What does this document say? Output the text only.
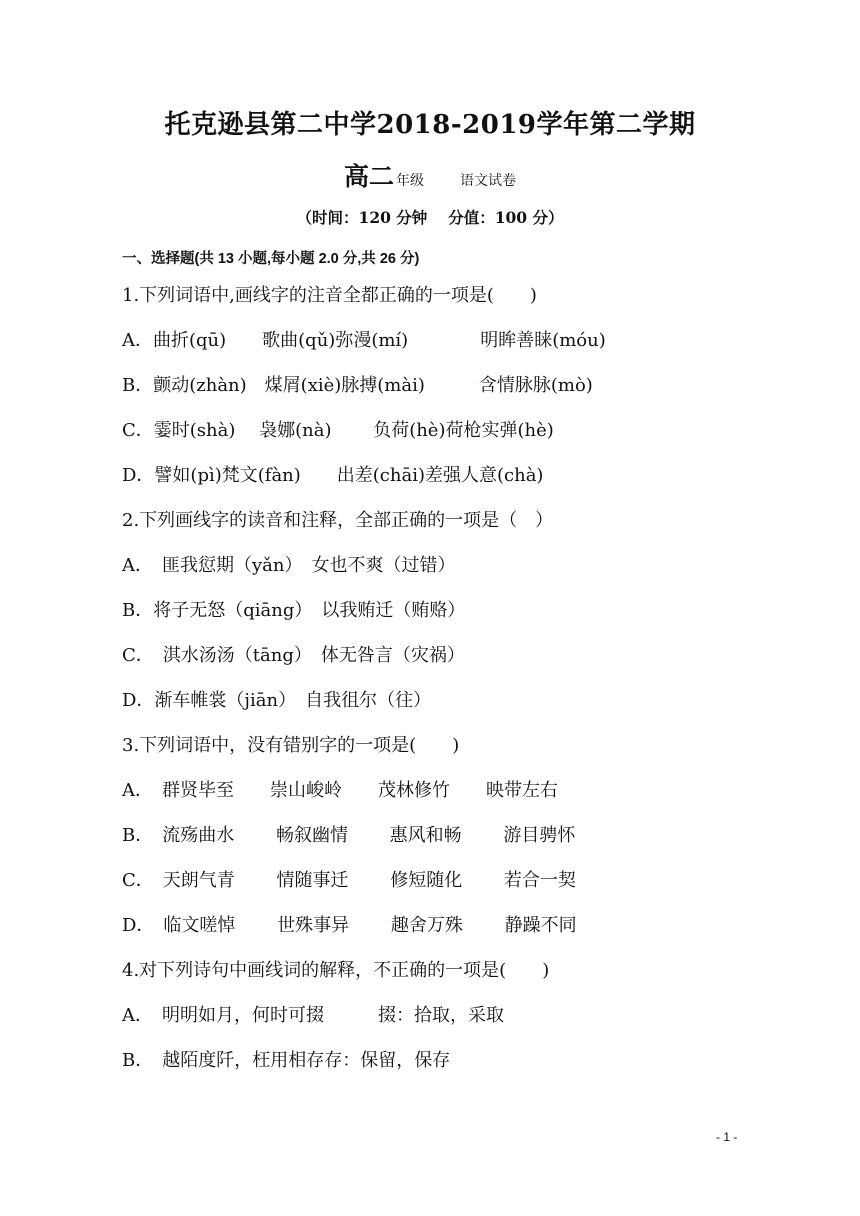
托克逊县第二中学2018-2019学年第二学期
高二 年级	语文试卷
（时间：120 分钟　 分值：100 分）
一、选择题(共 13 小题,每小题 2.0 分,共 26 分)
1.下列词语中,画线字的注音全都正确的一项是(　　)
A．曲折(qū)　　歌曲(qǔ)弥漫(mí)　　　　明眸善睐(móu)
B．颤动(zhàn)　煤屑(xiè)脉搏(mài)　　　含情脉脉(mò)
C．霎时(shà)　 袅娜(nà)　　 负荷(hè)荷枪实弹(hè)
D．譬如(pì)梵文(fàn)　　出差(chāi)差强人意(chà)
2.下列画线字的读音和注释，全部正确的一项是（　）
A．　匪我愆期（yǎn）　女也不爽（过错）
B．将子无怒（qiāng）　以我贿迁（贿赂）
C．　淇水汤汤（tāng）　体无咎言（灾祸）
D．渐车帷裳（jiān）　自我徂尔（往）
3.下列词语中，没有错别字的一项是(　　)
A．　群贤毕至　　崇山峻岭　　茂林修竹　　映带左右
B．　流殇曲水　　 畅叙幽情　　 惠风和畅　　 游目骋怀
C．　天朗气青　　 情随事迁　　 修短随化　　 若合一契
D．　临文嗟悼　　 世殊事异　　 趣舍万殊　　 静躁不同
4.对下列诗句中画线词的解释，不正确的一项是(　　)
A．　明明如月，何时可掇　　　掇：拾取，采取
B．　越陌度阡，枉用相存存：保留，保存
- 1 -
